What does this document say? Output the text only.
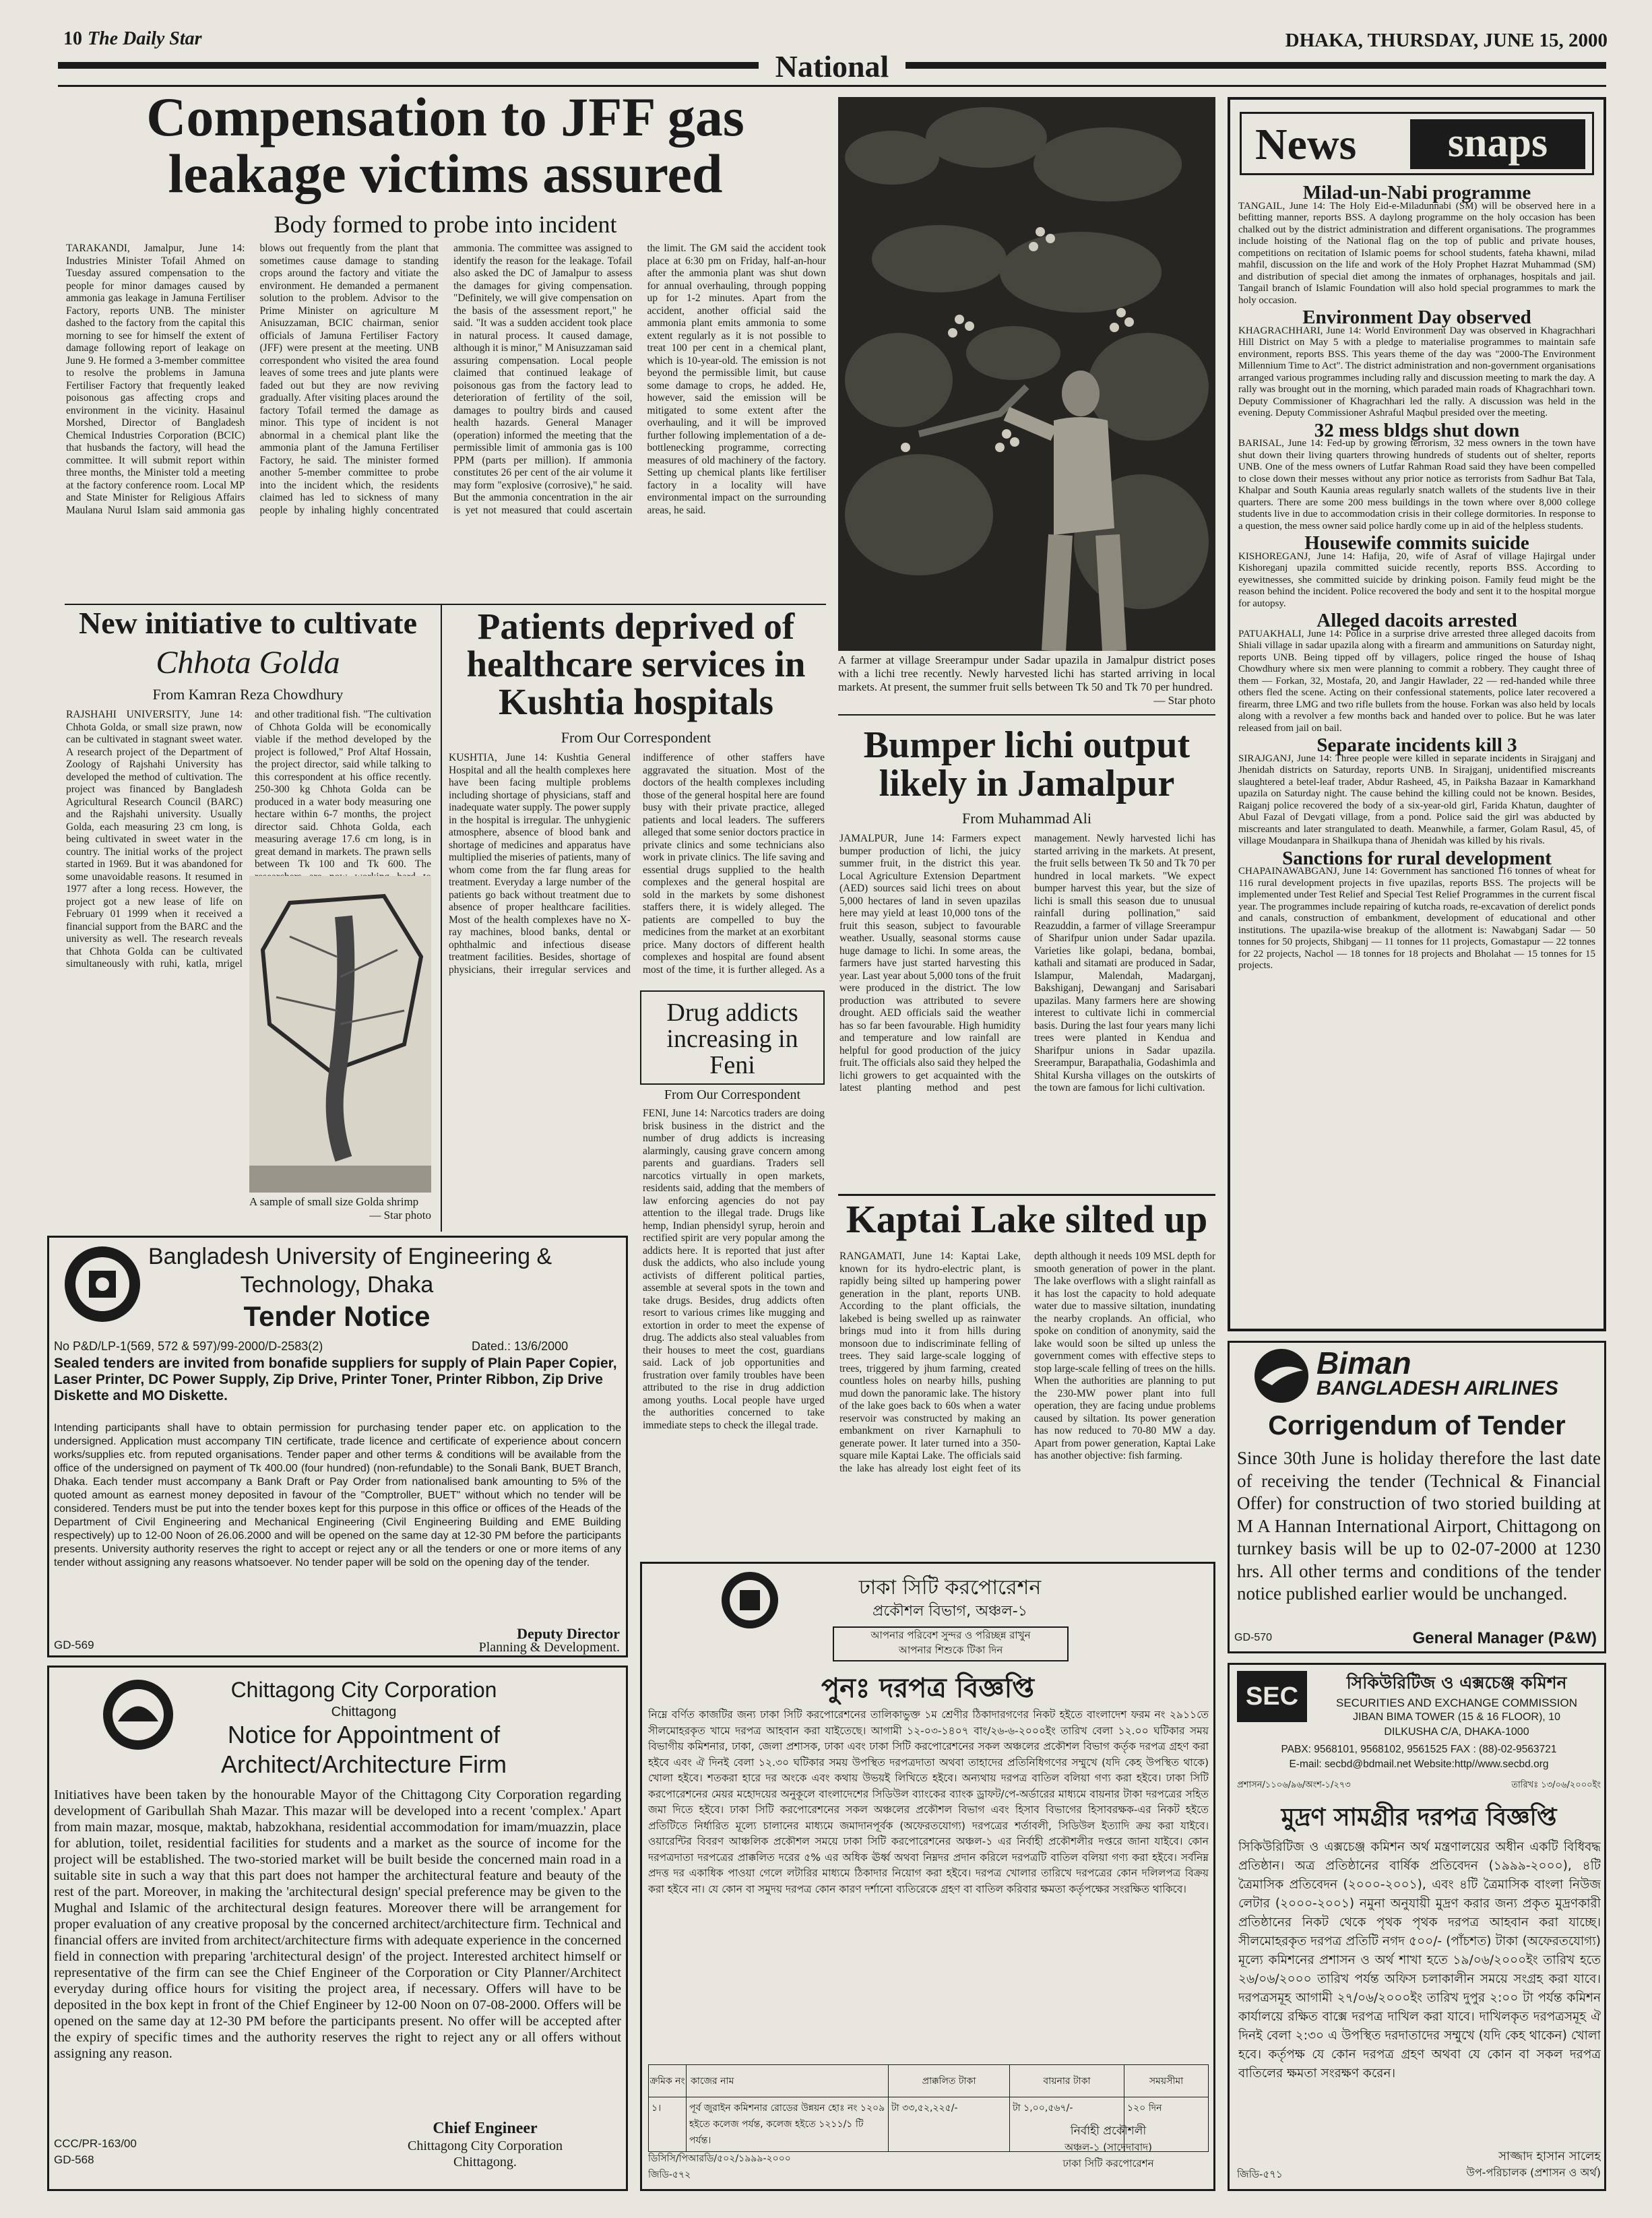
10 The Daily Star	DHAKA, THURSDAY, JUNE 15, 2000
National
Compensation to JFF gas leakage victims assured
Body formed to probe into incident
TARAKANDI, Jamalpur, June 14: Industries Minister Tofail Ahmed on Tuesday assured compensation to the people for minor damages caused by ammonia gas leakage in Jamuna Fertiliser Factory, reports UNB. The minister dashed to the factory from the capital this morning to see for himself the extent of damage following report of leakage on June 9. He formed a 3-member committee to resolve the problems in Jamuna Fertiliser Factory that frequently leaked poisonous gas affecting crops and environment in the vicinity. Hasainul Morshed, Director of Bangladesh Chemical Industries Corporation (BCIC) that husbands the factory, will head the committee. It will submit report within three months, the Minister told a meeting at the factory conference room. Local MP and State Minister for Religious Affairs Maulana Nurul Islam said ammonia gas blows out frequently from the plant that sometimes cause damage to standing crops around the factory and vitiate the environment. He demanded a permanent solution to the problem. Advisor to the Prime Minister on agriculture M Anisuzzaman, BCIC chairman, senior officials of Jamuna Fertiliser Factory (JFF) were present at the meeting. UNB correspondent who visited the area found leaves of some trees and jute plants were faded out but they are now reviving gradually. After visiting places around the factory Tofail termed the damage as minor. This type of incident is not abnormal in a chemical plant like the ammonia plant of the Jamuna Fertiliser Factory, he said. The minister formed another 5-member committee to probe into the incident which, the residents claimed has led to sickness of many people by inhaling highly concentrated ammonia. The committee was assigned to identify the reason for the leakage. Tofail also asked the DC of Jamalpur to assess the damages for giving compensation. "Definitely, we will give compensation on the basis of the assessment report," he said. "It was a sudden accident took place in natural process. It caused damage, although it is minor," M Anisuzzaman said assuring compensation. Local people claimed that continued leakage of poisonous gas from the factory lead to deterioration of fertility of the soil, damages to poultry birds and caused health hazards. General Manager (operation) informed the meeting that the permissible limit of ammonia gas is 100 PPM (parts per million). If ammonia constitutes 26 per cent of the air volume it may form "explosive (corrosive)," he said. But the ammonia concentration in the air is yet not measured that could ascertain the limit. The GM said the accident took place at 6:30 pm on Friday, half-an-hour after the ammonia plant was shut down for annual overhauling, through popping up for 1-2 minutes. Apart from the accident, another official said the ammonia plant emits ammonia to some extent regularly as it is not possible to treat 100 per cent in a chemical plant, which is 10-year-old. The emission is not beyond the permissible limit, but cause some damage to crops, he added. He, however, said the emission will be mitigated to some extent after the overhauling, and it will be improved further following implementation of a de-bottlenecking programme, correcting measures of old machinery of the factory. Setting up chemical plants like fertiliser factory in a locality will have environmental impact on the surrounding areas, he said.
A farmer at village Sreerampur under Sadar upazila in Jamalpur district poses with a lichi tree recently. Newly harvested lichi has started arriving in local markets. At present, the summer fruit sells between Tk 50 and Tk 70 per hundred.
— Star photo
News	snaps
Milad-un-Nabi programme
TANGAIL, June 14: The Holy Eid-e-Miladunnabi (SM) will be observed here in a befitting manner, reports BSS. A daylong programme on the holy occasion has been chalked out by the district administration and different organisations. The programmes include hoisting of the National flag on the top of public and private houses, competitions on recitation of Islamic poems for school students, fateha khawni, milad mahfil, discussion on the life and work of the Holy Prophet Hazrat Muhammad (SM) and distribution of special diet among the inmates of orphanages, hospitals and jail. Tangail branch of Islamic Foundation will also hold special programmes to mark the holy occasion.
Environment Day observed
KHAGRACHHARI, June 14: World Environment Day was observed in Khagrachhari Hill District on May 5 with a pledge to materialise programmes to maintain safe environment, reports BSS. This years theme of the day was "2000-The Environment Millennium Time to Act". The district administration and non-government organisations arranged various programmes including rally and discussion meeting to mark the day. A rally was brought out in the morning, which paraded main roads of Khagrachhari town. Deputy Commissioner of Khagrachhari led the rally. A discussion was held in the evening. Deputy Commissioner Ashraful Maqbul presided over the meeting.
32 mess bldgs shut down
BARISAL, June 14: Fed-up by growing terrorism, 32 mess owners in the town have shut down their living quarters throwing hundreds of students out of shelter, reports UNB. One of the mess owners of Lutfar Rahman Road said they have been compelled to close down their messes without any prior notice as terrorists from Sadhur Bat Tala, Khalpar and South Kaunia areas regularly snatch wallets of the students live in their quarters. There are some 200 mess buildings in the town where over 8,000 college students live in due to accommodation crisis in their college dormitories. In response to a question, the mess owner said police hardly come up in aid of the helpless students.
Housewife commits suicide
KISHOREGANJ, June 14: Hafija, 20, wife of Asraf of village Hajirgal under Kishoreganj upazila committed suicide recently, reports BSS. According to eyewitnesses, she committed suicide by drinking poison. Family feud might be the reason behind the incident. Police recovered the body and sent it to the hospital morgue for autopsy.
Alleged dacoits arrested
PATUAKHALI, June 14: Police in a surprise drive arrested three alleged dacoits from Shiali village in sadar upazila along with a firearm and ammunitions on Saturday night, reports UNB. Being tipped off by villagers, police ringed the house of Ishaq Chowdhury where six men were planning to commit a robbery. They caught three of them — Forkan, 32, Mostafa, 20, and Jangir Hawlader, 22 — red-handed while three others fled the scene. Acting on their confessional statements, police later recovered a firearm, three LMG and two rifle bullets from the house. Forkan was also held by locals along with a revolver a few months back and handed over to police. But he was later released from jail on bail.
Separate incidents kill 3
SIRAJGANJ, June 14: Three people were killed in separate incidents in Sirajganj and Jhenidah districts on Saturday, reports UNB. In Sirajganj, unidentified miscreants slaughtered a betel-leaf trader, Abdur Rasheed, 45, in Paiksha Bazaar in Kamarkhand upazila on Saturday night. The cause behind the killing could not be known. Besides, Raiganj police recovered the body of a six-year-old girl, Farida Khatun, daughter of Abul Fazal of Devgati village, from a pond. Police said the girl was abducted by miscreants and later strangulated to death. Meanwhile, a farmer, Golam Rasul, 45, of village Moudanpara in Shailkupa thana of Jhenidah was killed by his rivals.
Sanctions for rural development
CHAPAINAWABGANJ, June 14: Government has sanctioned 116 tonnes of wheat for 116 rural development projects in five upazilas, reports BSS. The projects will be implemented under Test Relief and Special Test Relief Programmes in the current fiscal year. The programmes include repairing of kutcha roads, re-excavation of derelict ponds and canals, construction of embankment, development of educational and other institutions. The upazila-wise breakup of the allotment is: Nawabganj Sadar — 50 tonnes for 50 projects, Shibganj — 11 tonnes for 11 projects, Gomastapur — 22 tonnes for 22 projects, Nachol — 18 tonnes for 18 projects and Bholahat — 15 tonnes for 15 projects.
New initiative to cultivate
Chhota Golda
From Kamran Reza Chowdhury
RAJSHAHI UNIVERSITY, June 14: Chhota Golda, or small size prawn, now can be cultivated in stagnant sweet water. A research project of the Department of Zoology of Rajshahi University has developed the method of cultivation. The project was financed by Bangladesh Agricultural Research Council (BARC) and the Rajshahi university. Usually Golda, each measuring 23 cm long, is being cultivated in sweet water in the country. The initial works of the project started in 1969. But it was abandoned for some unavoidable reasons. It resumed in 1977 after a long recess. However, the project got a new lease of life on February 01 1999 when it received a financial support from the BARC and the university as well. The research reveals that Chhota Golda can be cultivated simultaneously with ruhi, katla, mrigel and other traditional fish. "The cultivation of Chhota Golda will be economically viable if the method developed by the project is followed," Prof Altaf Hossain, the project director, said while talking to this correspondent at his office recently. 250-300 kg Chhota Golda can be produced in a water body measuring one hectare within 6-7 months, the project director said. Chhota Golda, each measuring average 17.6 cm long, is in great demand in markets. The prawn sells between Tk 100 and Tk 600. The
A sample of small size Golda shrimp
— Star photo
Patients deprived of healthcare services in Kushtia hospitals
From Our Correspondent
KUSHTIA, June 14: Kushtia General Hospital and all the health complexes here have been facing multiple problems including shortage of physicians, staff and inadequate water supply. The power supply in the hospital is irregular. The unhygienic atmosphere, absence of blood bank and shortage of medicines and apparatus have multiplied the miseries of patients, many of whom come from the far flung areas for treatment. Everyday a large number of the patients go back without treatment due to absence of proper healthcare facilities. Most of the health complexes have no X-ray machines, blood banks, dental or ophthalmic and infectious disease treatment facilities. Besides, shortage of physicians, their irregular services and indifference of other staffers have aggravated the situation. Most of the doctors of the health complexes including those of the general hospital here are found busy with their private practice, alleged patients and local leaders. The sufferers alleged that some senior doctors practice in private clinics and some technicians also work in private clinics. The life saving and essential drugs supplied to the health complexes and the general hospital are sold in the markets by some dishonest staffers there, it is widely alleged. The patients are compelled to buy the medicines from the market at an exorbitant price. Many doctors of different health complexes and hospital are found absent most of the time, it is further alleged. As a
Drug addicts increasing in Feni
From Our Correspondent
FENI, June 14: Narcotics traders are doing brisk business in the district and the number of drug addicts is increasing alarmingly, causing grave concern among parents and guardians. Traders sell narcotics virtually in open markets, residents said, adding that the members of law enforcing agencies do not pay attention to the illegal trade. Drugs like hemp, Indian phensidyl syrup, heroin and rectified spirit are very popular among the addicts here. It is reported that just after dusk the addicts, who also include young activists of different political parties, assemble at several spots in the town and take drugs. Besides, drug addicts often resort to various crimes like mugging and extortion in order to meet the expense of drug. The addicts also steal valuables from their houses to meet the cost, guardians said. Lack of job opportunities and frustration over family troubles have been attributed to the rise in drug addiction among youths. Local people have urged the authorities concerned to take immediate steps to check the illegal trade.
Bumper lichi output likely in Jamalpur
From Muhammad Ali
JAMALPUR, June 14: Farmers expect bumper production of lichi, the juicy summer fruit, in the district this year. Local Agriculture Extension Department (AED) sources said lichi trees on about 5,000 hectares of land in seven upazilas here may yield at least 10,000 tons of the fruit this season, subject to favourable weather. Usually, seasonal storms cause huge damage to lichi. In some areas, the farmers have just started harvesting this year. Last year about 5,000 tons of the fruit were produced in the district. The low production was attributed to severe drought. AED officials said the weather has so far been favourable. High humidity and temperature and low rainfall are helpful for good production of the juicy fruit. The officials also said they helped the lichi growers to get acquainted with the latest planting method and pest management. Newly harvested lichi has started arriving in the markets. At present, the fruit sells between Tk 50 and Tk 70 per hundred in local markets. "We expect bumper harvest this year, but the size of lichi is small this season due to unusual rainfall during pollination," said Reazuddin, a farmer of village Sreerampur of Sharifpur union under Sadar upazila. Varieties like golapi, bedana, bombai, kathali and sitamati are produced in Sadar, Islampur, Malendah, Madarganj, Bakshiganj, Dewanganj and Sarisabari upazilas. Many farmers here are showing interest to cultivate lichi in commercial basis. During the last four years many lichi trees were planted in Kendua and Sharifpur unions in Sadar upazila. Sreerampur, Barapathalia, Godashimla and Shital Kursha villages on the outskirts of the town are famous for lichi cultivation.
Kaptai Lake silted up
RANGAMATI, June 14: Kaptai Lake, known for its hydro-electric plant, is rapidly being silted up hampering power generation in the plant, reports UNB. According to the plant officials, the lakebed is being swelled up as rainwater brings mud into it from hills during monsoon due to indiscriminate felling of trees. They said large-scale logging of trees, triggered by jhum farming, created countless holes on nearby hills, pushing mud down the panoramic lake. The history of the lake goes back to 60s when a water reservoir was constructed by making an embankment on river Karnaphuli to generate power. It later turned into a 350-square mile Kaptai Lake. The officials said the lake has already lost eight feet of its depth although it needs 109 MSL depth for smooth generation of power in the plant. The lake overflows with a slight rainfall as it has lost the capacity to hold adequate water due to massive siltation, inundating the nearby croplands. An official, who spoke on condition of anonymity, said the lake would soon be silted up unless the government comes with effective steps to stop large-scale felling of trees on the hills. When the authorities are planning to put the 230-MW power plant into full operation, they are facing undue problems caused by siltation. Its power generation has now reduced to 70-80 MW a day. Apart from power generation, Kaptai Lake has another objective: fish farming.
Bangladesh University of Engineering &
Technology, Dhaka
Tender Notice
No P&D/LP-1(569, 572 & 597)/99-2000/D-2583(2)	Dated.: 13/6/2000
Sealed tenders are invited from bonafide suppliers for supply of Plain Paper Copier, Laser Printer, DC Power Supply, Zip Drive, Printer Toner, Printer Ribbon, Zip Drive Diskette and MO Diskette.
Intending participants shall have to obtain permission for purchasing tender paper etc. on application to the undersigned. Application must accompany TIN certificate, trade licence and certificate of experience about concern works/supplies etc. from reputed organisations. Tender paper and other terms & conditions will be available from the office of the undersigned on payment of Tk 400.00 (four hundred) (non-refundable) to the Sonali Bank, BUET Branch, Dhaka. Each tender must accompany a Bank Draft or Pay Order from nationalised bank amounting to 5% of the quoted amount as earnest money deposited in favour of the "Comptroller, BUET" without which no tender will be considered. Tenders must be put into the tender boxes kept for this purpose in this office or offices of the Heads of the Department of Civil Engineering and Mechanical Engineering (Civil Engineering Building and EME Building respectively) up to 12-00 Noon of 26.06.2000 and will be opened on the same day at 12-30 PM before the participants presents. University authority reserves the right to accept or reject any or all the tenders or one or more items of any tender without assigning any reasons whatsoever. No tender paper will be sold on the opening day of the tender.
Deputy Director
Planning & Development.
GD-569
Chittagong City Corporation
Chittagong
Notice for Appointment of
Architect/Architecture Firm
Initiatives have been taken by the honourable Mayor of the Chittagong City Corporation regarding development of Garibullah Shah Mazar. This mazar will be developed into a recent 'complex.' Apart from main mazar, mosque, maktab, habzokhana, residential accommodation for imam/muazzin, place for ablution, toilet, residential facilities for students and a market as the source of income for the project will be established. The two-storied market will be built beside the concerned main road in a suitable site in such a way that this part does not hamper the architectural feature and beauty of the rest of the part. Moreover, in making the 'architectural design' special preference may be given to the Mughal and Islamic of the architectural design features. Moreover there will be arrangement for proper evaluation of any creative proposal by the concerned architect/architecture firm. Technical and financial offers are invited from architect/architecture firms with adequate experience in the concerned field in connection with preparing 'architectural design' of the project. Interested architect himself or representative of the firm can see the Chief Engineer of the Corporation or City Planner/Architect everyday during office hours for visiting the project area, if necessary. Offers will have to be deposited in the box kept in front of the Chief Engineer by 12-00 Noon on 07-08-2000. Offers will be opened on the same day at 12-30 PM before the participants present. No offer will be accepted after the expiry of specific times and the authority reserves the right to reject any or all offers without assigning any reason.
Chief Engineer
Chittagong City Corporation
Chittagong.
CCC/PR-163/00
GD-568
ঢাকা সিটি করপোরেশন
প্রকৌশল বিভাগ, অঞ্চল-১
আপনার পরিবেশ সুন্দর ও পরিচ্ছন্ন রাখুন
আপনার শিশুকে টিকা দিন
পুনঃ দরপত্র বিজ্ঞপ্তি
নিম্নে বর্ণিত কাজটির জন্য ঢাকা সিটি করপোরেশনের তালিকাভুক্ত ১ম শ্রেণীর ঠিকাদারগণের নিকট হইতে বাংলাদেশ ফরম নং ২৯১১তে সীলমোহরকৃত খামে দরপত্র আহবান করা যাইতেছে। আগামী ১২-০৩-১৪০৭ বাং/২৬-৬-২০০০ইং তারিখ বেলা ১২.০০ ঘটিকার সময় বিভাগীয় কমিশনার, ঢাকা, জেলা প্রশাসক, ঢাকা এবং ঢাকা সিটি করপোরেশনের সকল অঞ্চলের প্রকৌশল বিভাগ কর্তৃক দরপত্র গ্রহণ করা হইবে এবং ঐ দিনই বেলা ১২.৩০ ঘটিকার সময় উপস্থিত দরপত্রদাতা অথবা তাহাদের প্রতিনিধিগণের সম্মুখে (যদি কেহ উপস্থিত থাকে) খোলা হইবে। শতকরা হারে দর অংকে এবং কথায় উভয়ই লিখিতে হইবে। অন্যথায় দরপত্র বাতিল বলিয়া গণ্য করা হইবে। ঢাকা সিটি করপোরেশনের মেয়র মহোদয়ের অনুকূলে বাংলাদেশের সিডিউল ব্যাংকের ব্যাংক ড্রাফট/পে-অর্ডারের মাধ্যমে বায়নার টাকা দরপত্রের সহিত জমা দিতে হইবে। ঢাকা সিটি করপোরেশনের সকল অঞ্চলের প্রকৌশল বিভাগ এবং হিসাব বিভাগের হিসাবরক্ষক-এর নিকট হইতে প্রতিটিতে নির্ধারিত মূল্যে চালানের মাধ্যমে জমাদানপূর্বক (অফেরতযোগ্য) দরপত্রের শর্তাবলী, সিডিউল ইত্যাদি ক্রয় করা যাইবে। ওয়ারেন্টির বিবরণ আঞ্চলিক প্রকৌশল সময়ে ঢাকা সিটি করপোরেশনের অঞ্চল-১ এর নির্বাহী প্রকৌশলীর দপ্তরে জানা যাইবে। কোন দরপত্রদাতা দরপত্রের প্রাক্কলিত দরের ৫% এর অধিক ঊর্ধ্ব অথবা নিম্নদর প্রদান করিলে দরপত্রটি বাতিল বলিয়া গণ্য করা হইবে। সর্বনিম্ন প্রদত্ত দর একাধিক পাওয়া গেলে লটারির মাধ্যমে ঠিকাদার নিয়োগ করা হইবে। দরপত্র খোলার তারিখে দরপত্রের কোন দলিলপত্র বিক্রয় করা হইবে না। যে কোন বা সমুদয় দরপত্র কোন কারণ দর্শানো ব্যতিরেকে গ্রহণ বা বাতিল করিবার ক্ষমতা কর্তৃপক্ষের সংরক্ষিত থাকিবে।
ক্রমিক নং	কাজের নাম	প্রাক্কলিত টাকা	বায়নার টাকা	সময়সীমা
১।	পূর্ব জুরাইন কমিশনার রোডের উন্নয়ন হোঃ নং ১২০৯ হইতে কলেজ পর্যন্ত, কলেজ হইতে ১২১১/১ টি পর্যন্ত।	টা ৩৩,৫২,২২৫/-	টা ১,০০,৫৬৭/-	১২০ দিন
নির্বাহী প্রকৌশলী
অঞ্চল-১ (সাদেদাবাদ)
ঢাকা সিটি করপোরেশন
ডিসিসি/পিআরডি/৫০২/১৯৯৯-২০০০
জিডি-৫৭২
Biman
BANGLADESH AIRLINES
Corrigendum of Tender
Since 30th June is holiday therefore the last date of receiving the tender (Technical & Financial Offer) for construction of two storied building at M A Hannan International Airport, Chittagong on turnkey basis will be up to 02-07-2000 at 1230 hrs. All other terms and conditions of the tender notice published earlier would be unchanged.
GD-570	General Manager (P&W)
SEC	সিকিউরিটিজ ও এক্সচেঞ্জ কমিশন
SECURITIES AND EXCHANGE COMMISSION
JIBAN BIMA TOWER (15 & 16 FLOOR), 10
DILKUSHA C/A, DHAKA-1000
PABX: 9568101, 9568102, 9561525 FAX : (88)-02-9563721
E-mail: secbd@bdmail.net Website:http//www.secbd.org
প্রশাসন/১১০৬/৯৬/অংশ-১/২৭৩	তারিখঃ ১৩/০৬/২০০০ইং
মুদ্রণ সামগ্রীর দরপত্র বিজ্ঞপ্তি
সিকিউরিটিজ ও এক্সচেঞ্জ কমিশন অর্থ মন্ত্রণালয়ের অধীন একটি বিধিবদ্ধ প্রতিষ্ঠান। অত্র প্রতিষ্ঠানের বার্ষিক প্রতিবেদন (১৯৯৯-২০০০), ৪টি ত্রৈমাসিক প্রতিবেদন (২০০০-২০০১), এবং ৪টি ত্রৈমাসিক বাংলা নিউজ লেটার (২০০০-২০০১) নমুনা অনুযায়ী মুদ্রণ করার জন্য প্রকৃত মুদ্রণকারী প্রতিষ্ঠানের নিকট থেকে পৃথক পৃথক দরপত্র আহবান করা যাচ্ছে। সীলমোহরকৃত দরপত্র প্রতিটি নগদ ৫০০/- (পাঁচশত) টাকা (অফেরতযোগ্য) মূল্যে কমিশনের প্রশাসন ও অর্থ শাখা হতে ১৯/০৬/২০০০ইং তারিখ হতে ২৬/০৬/২০০০ তারিখ পর্যন্ত অফিস চলাকালীন সময়ে সংগ্রহ করা যাবে। দরপত্রসমূহ আগামী ২৭/০৬/২০০০ইং তারিখ দুপুর ২:০০ টা পর্যন্ত কমিশন কার্যালয়ে রক্ষিত বাক্সে দরপত্র দাখিল করা যাবে। দাখিলকৃত দরপত্রসমূহ ঐ দিনই বেলা ২:৩০ এ উপস্থিত দরদাতাদের সম্মুখে (যদি কেহ থাকেন) খোলা হবে। কর্তৃপক্ষ যে কোন দরপত্র গ্রহণ অথবা যে কোন বা সকল দরপত্র বাতিলের ক্ষমতা সংরক্ষণ করেন।
সাজ্জাদ হাসান সালেহ
উপ-পরিচালক (প্রশাসন ও অর্থ)
জিডি-৫৭১
